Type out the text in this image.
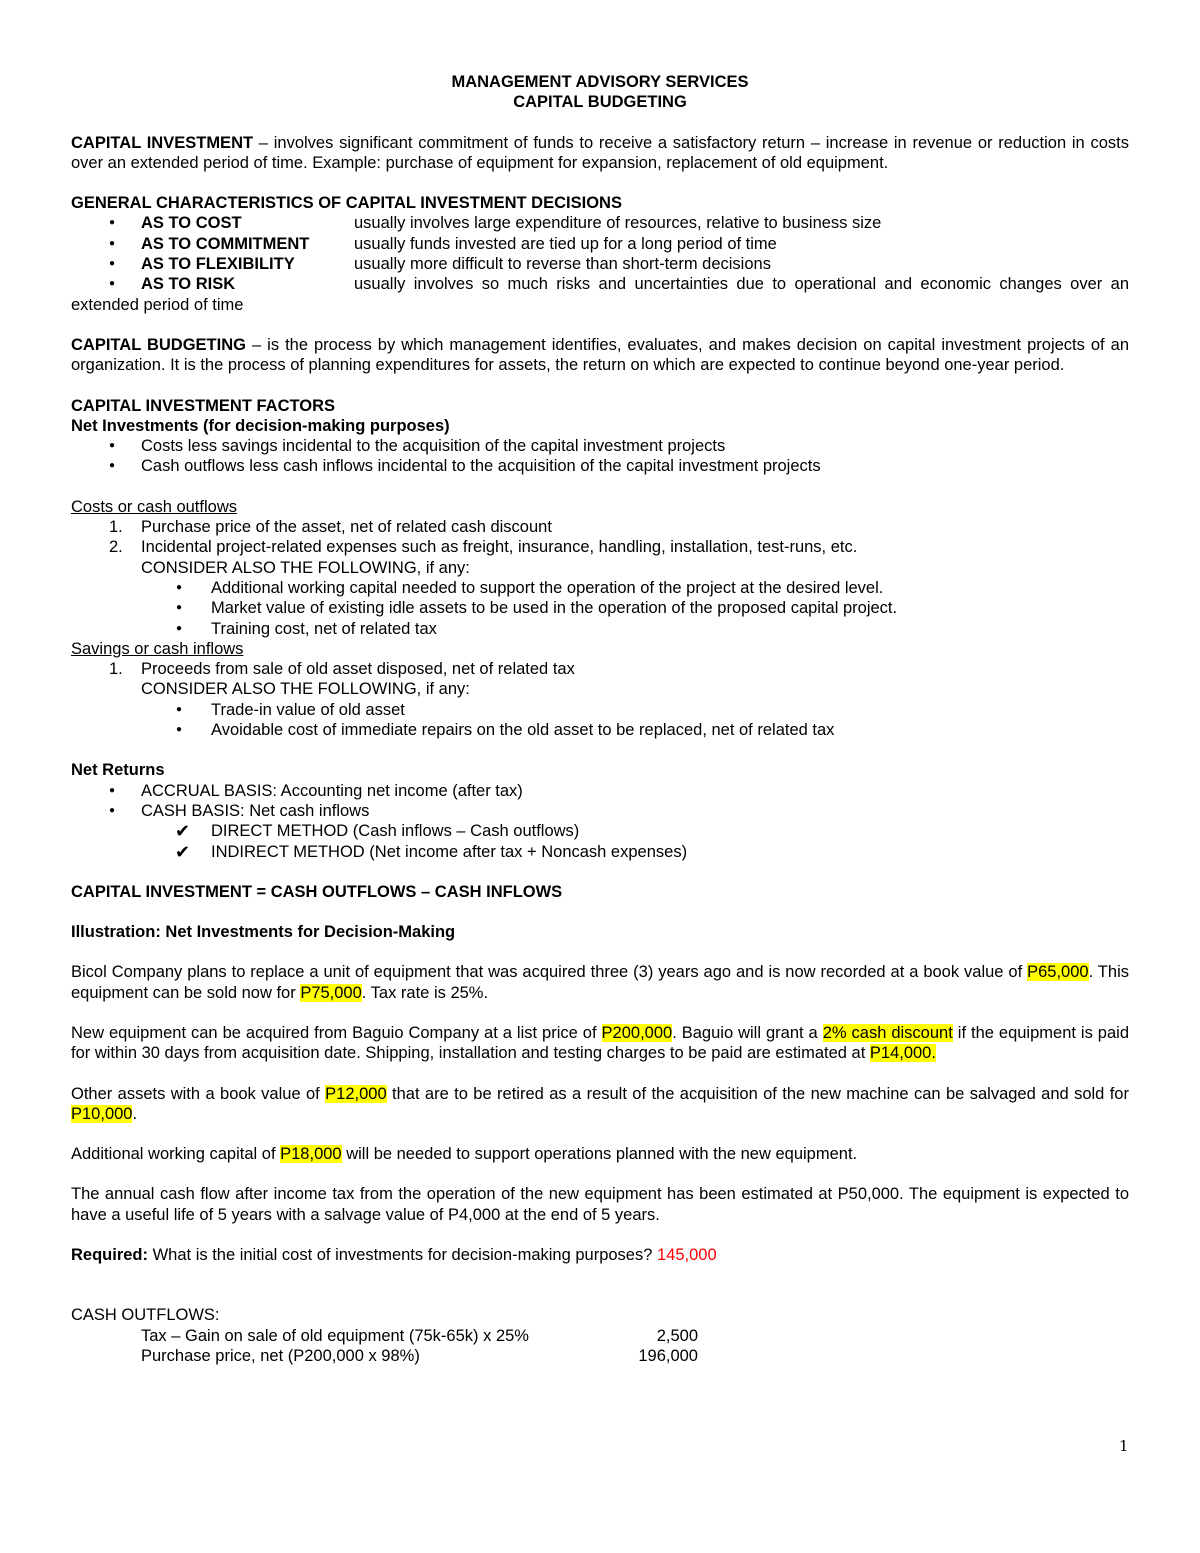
MANAGEMENT ADVISORY SERVICES
CAPITAL BUDGETING

CAPITAL INVESTMENT – involves significant commitment of funds to receive a satisfactory return – increase in revenue or reduction in costs over an extended period of time. Example: purchase of equipment for expansion, replacement of old equipment.

GENERAL CHARACTERISTICS OF CAPITAL INVESTMENT DECISIONS
● AS TO COST	usually involves large expenditure of resources, relative to business size
● AS TO COMMITMENT	usually funds invested are tied up for a long period of time
● AS TO FLEXIBILITY	usually more difficult to reverse than short-term decisions
● AS TO RISK	usually involves so much risks and uncertainties due to operational and economic changes over an
extended period of time

CAPITAL BUDGETING – is the process by which management identifies, evaluates, and makes decision on capital investment projects of an organization. It is the process of planning expenditures for assets, the return on which are expected to continue beyond one-year period.

CAPITAL INVESTMENT FACTORS
Net Investments (for decision-making purposes)
● Costs less savings incidental to the acquisition of the capital investment projects
● Cash outflows less cash inflows incidental to the acquisition of the capital investment projects
Costs or cash outflows
1. Purchase price of the asset, net of related cash discount
2. Incidental project-related expenses such as freight, insurance, handling, installation, test-runs, etc.
CONSIDER ALSO THE FOLLOWING, if any:
● Additional working capital needed to support the operation of the project at the desired level.
● Market value of existing idle assets to be used in the operation of the proposed capital project.
● Training cost, net of related tax
Savings or cash inflows
1. Proceeds from sale of old asset disposed, net of related tax
CONSIDER ALSO THE FOLLOWING, if any:
● Trade-in value of old asset
● Avoidable cost of immediate repairs on the old asset to be replaced, net of related tax
Net Returns
● ACCRUAL BASIS: Accounting net income (after tax)
● CASH BASIS: Net cash inflows
✔ DIRECT METHOD (Cash inflows – Cash outflows)
✔ INDIRECT METHOD (Net income after tax + Noncash expenses)
CAPITAL INVESTMENT = CASH OUTFLOWS – CASH INFLOWS
Illustration: Net Investments for Decision-Making

Bicol Company plans to replace a unit of equipment that was acquired three (3) years ago and is now recorded at a book value of P65,000. This equipment can be sold now for P75,000. Tax rate is 25%.

New equipment can be acquired from Baguio Company at a list price of P200,000. Baguio will grant a 2% cash discount if the equipment is paid for within 30 days from acquisition date. Shipping, installation and testing charges to be paid are estimated at P14,000.

Other assets with a book value of P12,000 that are to be retired as a result of the acquisition of the new machine can be salvaged and sold for P10,000.

Additional working capital of P18,000 will be needed to support operations planned with the new equipment.

The annual cash flow after income tax from the operation of the new equipment has been estimated at P50,000. The equipment is expected to have a useful life of 5 years with a salvage value of P4,000 at the end of 5 years.

Required: What is the initial cost of investments for decision-making purposes? 145,000

CASH OUTFLOWS:
Tax – Gain on sale of old equipment (75k-65k) x 25%	2,500
Purchase price, net (P200,000 x 98%)	196,000
1
